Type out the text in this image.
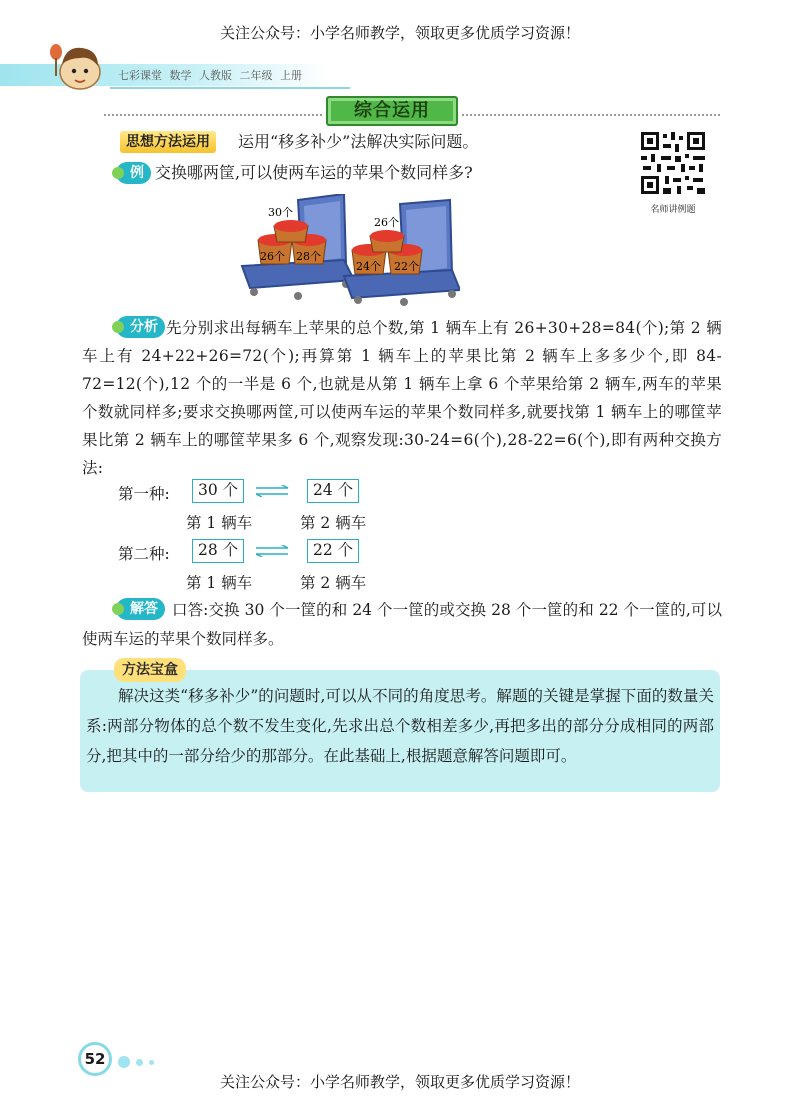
关注公众号：小学名师教学，领取更多优质学习资源！
七彩课堂 数学 人教版 二年级 上册
综合运用
思想方法运用	运用“移多补少”法解决实际问题。
例 交换哪两筐,可以使两车运的苹果个数同样多?
名师讲例题
30个
26个 28个
26个
24个 22个
分析 先分别求出每辆车上苹果的总个数,第 1 辆车上有 26+30+28=84(个);第 2 辆车上有 24+22+26=72(个);再算第 1 辆车上的苹果比第 2 辆车上多多少个,即 84-72=12(个),12 个的一半是 6 个,也就是从第 1 辆车上拿 6 个苹果给第 2 辆车,两车的苹果个数就同样多;要求交换哪两筐,可以使两车运的苹果个数同样多,就要找第 1 辆车上的哪筐苹果比第 2 辆车上的哪筐苹果多 6 个,观察发现:30-24=6(个),28-22=6(个),即有两种交换方法:
第一种:	30 个	24 个
第 1 辆车	第 2 辆车
第二种:	28 个	22 个
第 1 辆车	第 2 辆车
解答 口答:交换 30 个一筐的和 24 个一筐的或交换 28 个一筐的和 22 个一筐的,可以使两车运的苹果个数同样多。
方法宝盒
解决这类“移多补少”的问题时,可以从不同的角度思考。解题的关键是掌握下面的数量关系:两部分物体的总个数不发生变化,先求出总个数相差多少,再把多出的部分分成相同的两部分,把其中的一部分给少的那部分。在此基础上,根据题意解答问题即可。
52
关注公众号：小学名师教学，领取更多优质学习资源！
